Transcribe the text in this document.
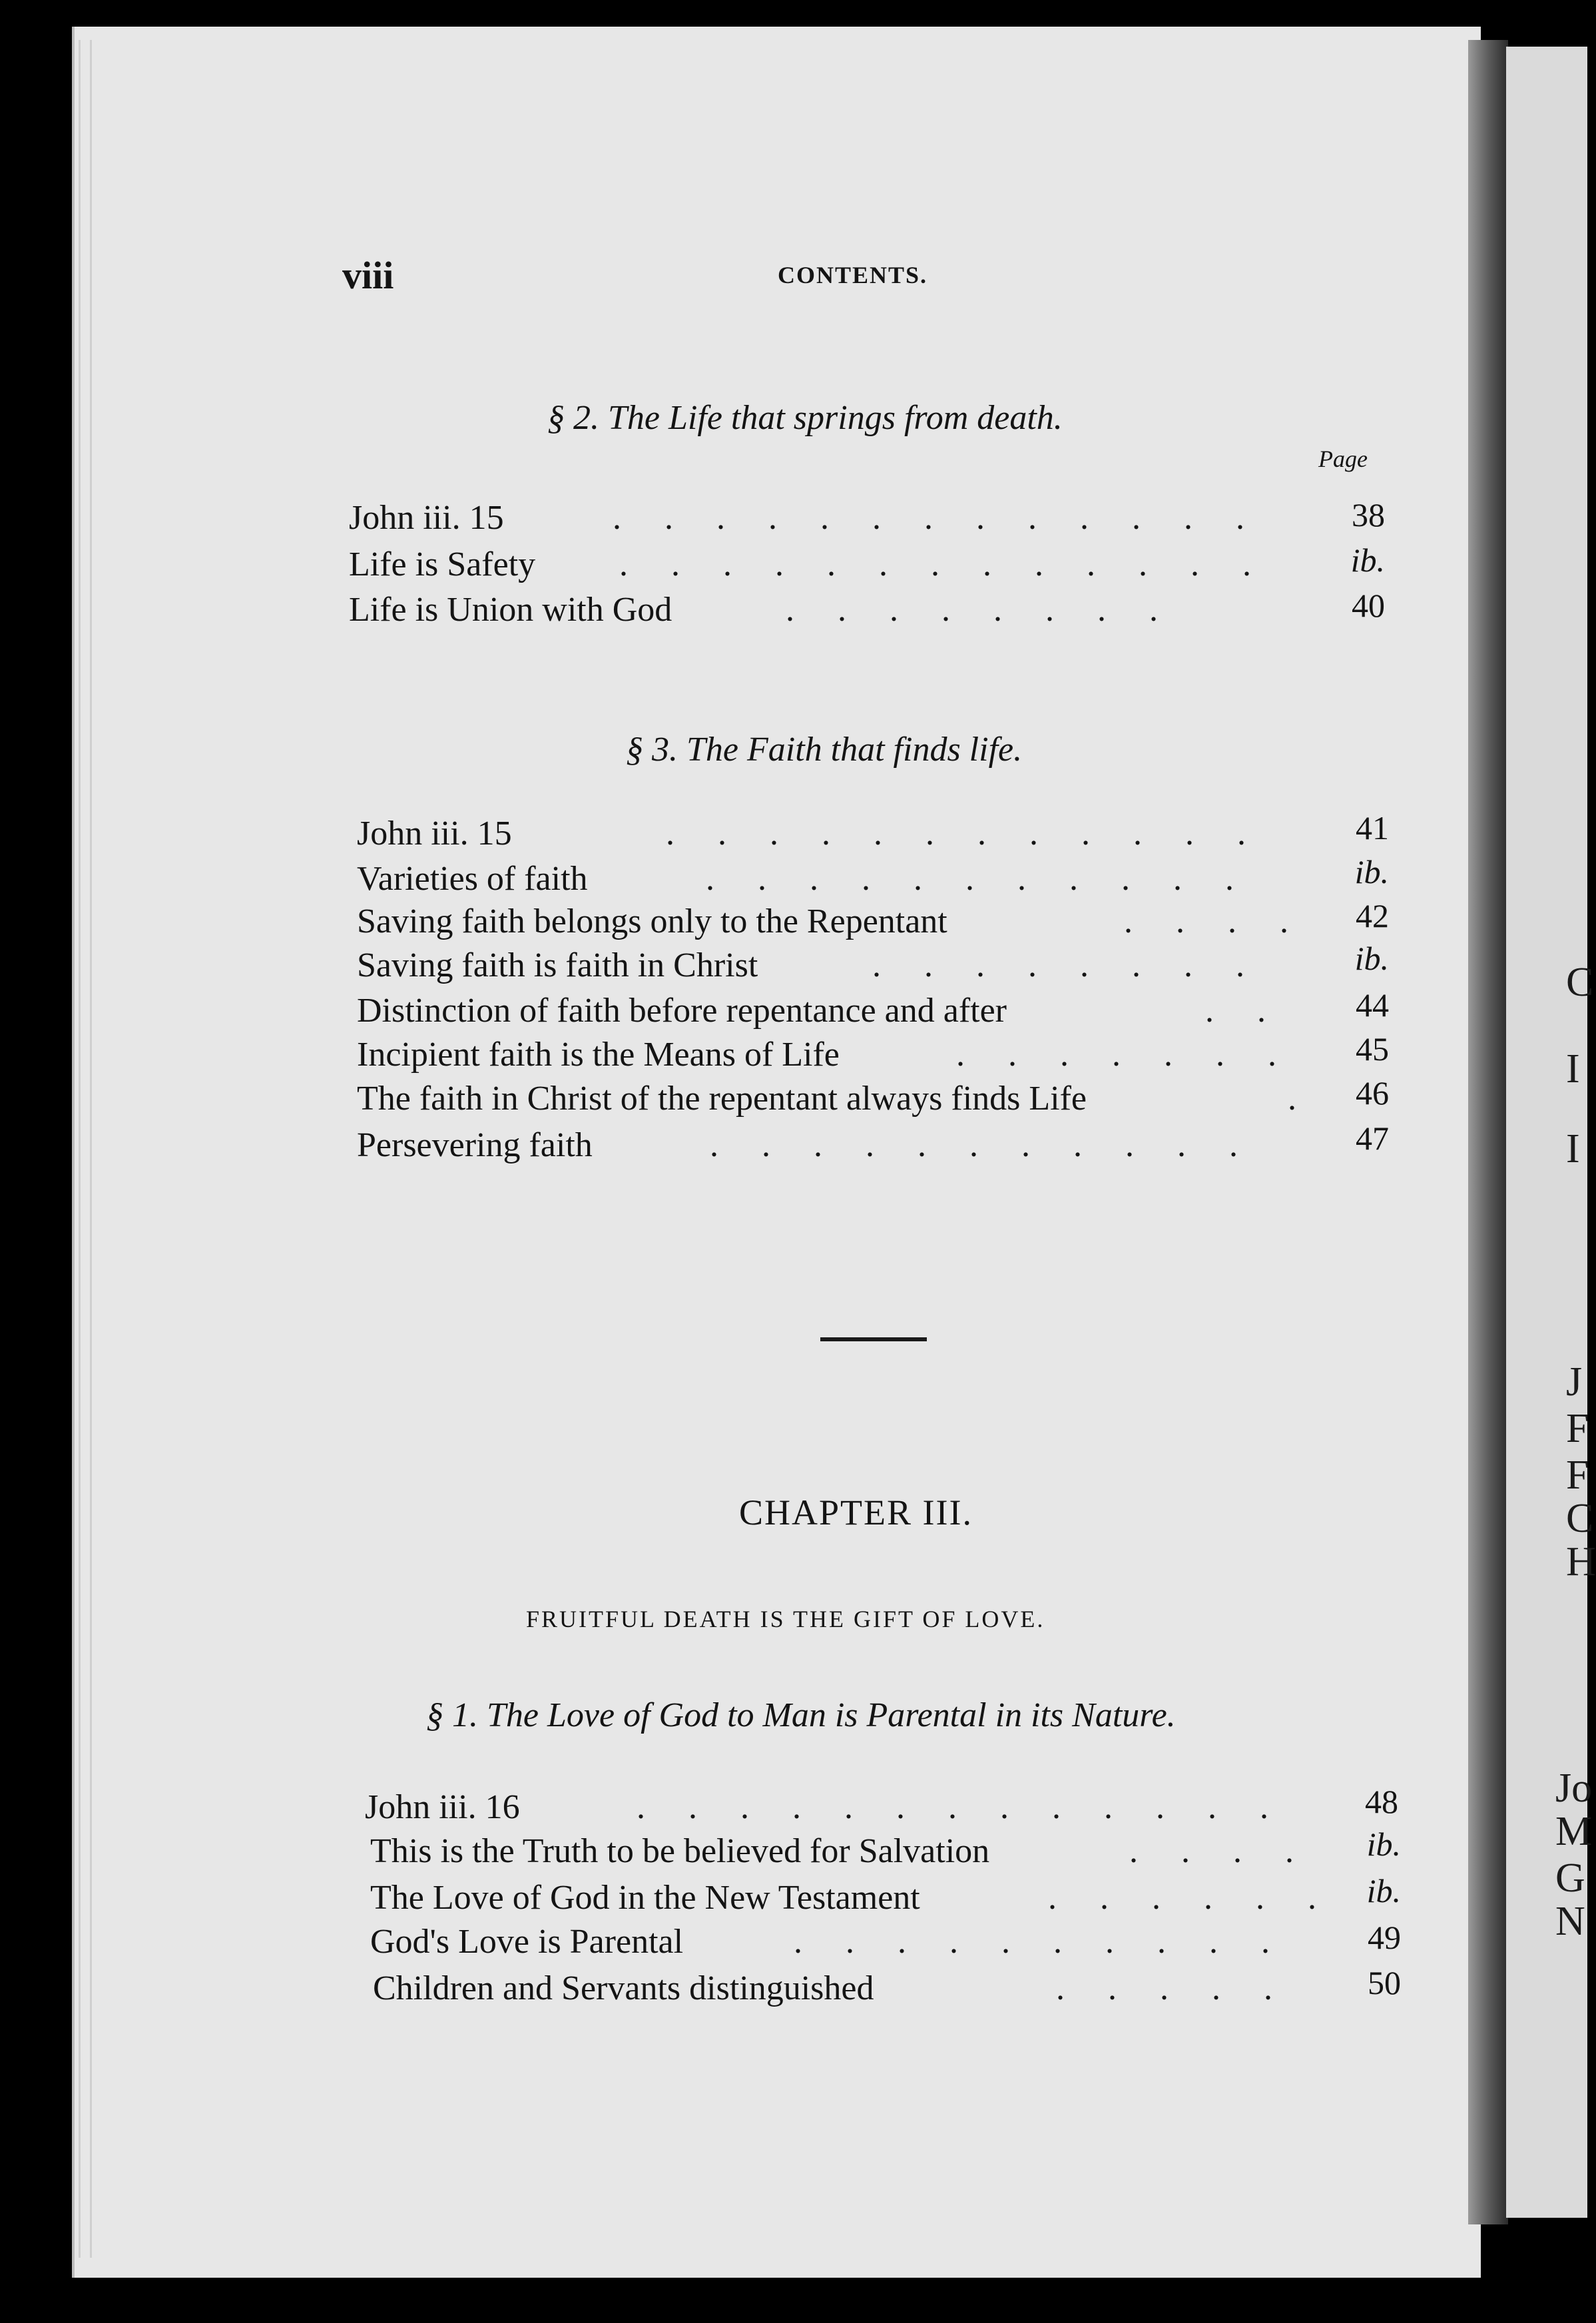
C
I
I
J
F
F
C
H
Jo
M
G
N
viii	CONTENTS.
§ 2. The Life that springs from death.
Page
John iii. 15	.     .     .     .     .     .     .     .     .     .     .     .     .	38
Life is Safety .     .     .     .     .     .     .     .     .     .     .     .     .	ib.
Life is Union with God	.     .     .     .     .     .     .     .	40
§ 3. The Faith that finds life.
John iii. 15	.     .     .     .     .     .     .     .     .     .     .     .	41
Varieties of faith	.     .     .     .     .     .     .     .     .     .     .	ib.
Saving faith belongs only to the Repentant	.     .     .     .	42
Saving faith is faith in Christ	.     .     .     .     .     .     .     .	ib.
Distinction of faith before repentance and after	.     .	44
Incipient faith is the Means of Life	.     .     .     .     .     .     .	45
The faith in Christ of the repentant always finds Life	.	46
Persevering faith	.     .     .     .     .     .     .     .     .     .     .	47
CHAPTER III.
FRUITFUL DEATH IS THE GIFT OF LOVE.
§ 1. The Love of God to Man is Parental in its Nature.
John iii. 16	.     .     .     .     .     .     .     .     .     .     .     .     .	48
This is the Truth to be believed for Salvation	.     .     .     .	ib.
The Love of God in the New Testament	.     .     .     .     .     .	ib.
God's Love is Parental	.     .     .     .     .     .     .     .     .     .	49
Children and Servants distinguished	.     .     .     .     .	50
